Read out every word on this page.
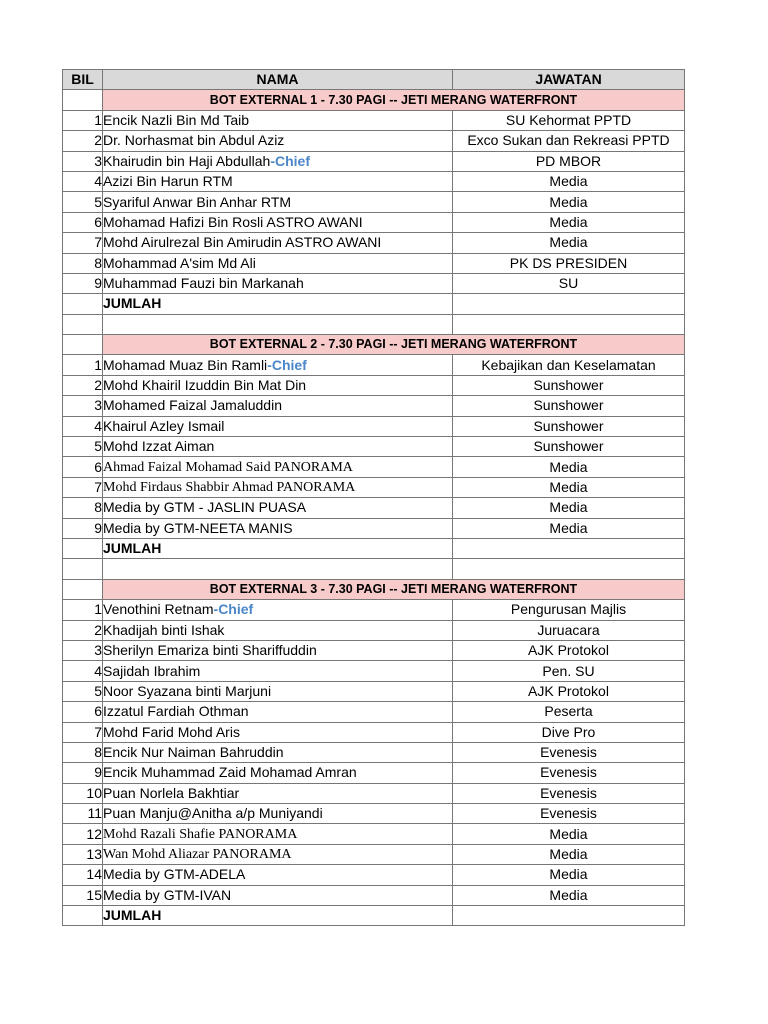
BIL	NAMA	JAWATAN
	BOT EXTERNAL 1 - 7.30 PAGI -- JETI MERANG WATERFRONT	
1	Encik Nazli Bin Md Taib	SU Kehormat PPTD
2	Dr. Norhasmat bin Abdul Aziz	Exco Sukan dan Rekreasi PPTD
3	Khairudin bin Haji Abdullah-Chief	PD MBOR
4	Azizi Bin Harun RTM	Media
5	Syariful Anwar Bin Anhar RTM	Media
6	Mohamad Hafizi Bin Rosli ASTRO AWANI	Media
7	Mohd Airulrezal Bin Amirudin ASTRO AWANI	Media
8	Mohammad A'sim Md Ali	PK DS PRESIDEN
9	Muhammad Fauzi bin Markanah	SU
	JUMLAH	

	BOT EXTERNAL 2 - 7.30 PAGI -- JETI MERANG WATERFRONT	
1	Mohamad Muaz Bin Ramli-Chief	Kebajikan dan Keselamatan
2	Mohd Khairil Izuddin Bin Mat Din	Sunshower
3	Mohamed Faizal Jamaluddin	Sunshower
4	Khairul Azley Ismail	Sunshower
5	Mohd Izzat Aiman	Sunshower
6	Ahmad Faizal Mohamad Said PANORAMA	Media
7	Mohd Firdaus Shabbir Ahmad PANORAMA	Media
8	Media by GTM - JASLIN PUASA	Media
9	Media by GTM-NEETA MANIS	Media
	JUMLAH	

	BOT EXTERNAL 3 - 7.30 PAGI -- JETI MERANG WATERFRONT	
1	Venothini Retnam-Chief	Pengurusan Majlis
2	Khadijah binti Ishak	Juruacara
3	Sherilyn Emariza binti Shariffuddin	AJK Protokol
4	Sajidah Ibrahim	Pen. SU
5	Noor Syazana binti Marjuni	AJK Protokol
6	Izzatul Fardiah Othman	Peserta
7	Mohd Farid Mohd Aris	Dive Pro
8	Encik Nur Naiman Bahruddin	Evenesis
9	Encik Muhammad Zaid Mohamad Amran	Evenesis
10	Puan Norlela Bakhtiar	Evenesis
11	Puan Manju@Anitha a/p Muniyandi	Evenesis
12	Mohd Razali Shafie PANORAMA	Media
13	Wan Mohd Aliazar PANORAMA	Media
14	Media by GTM-ADELA	Media
15	Media by GTM-IVAN	Media
	JUMLAH	
